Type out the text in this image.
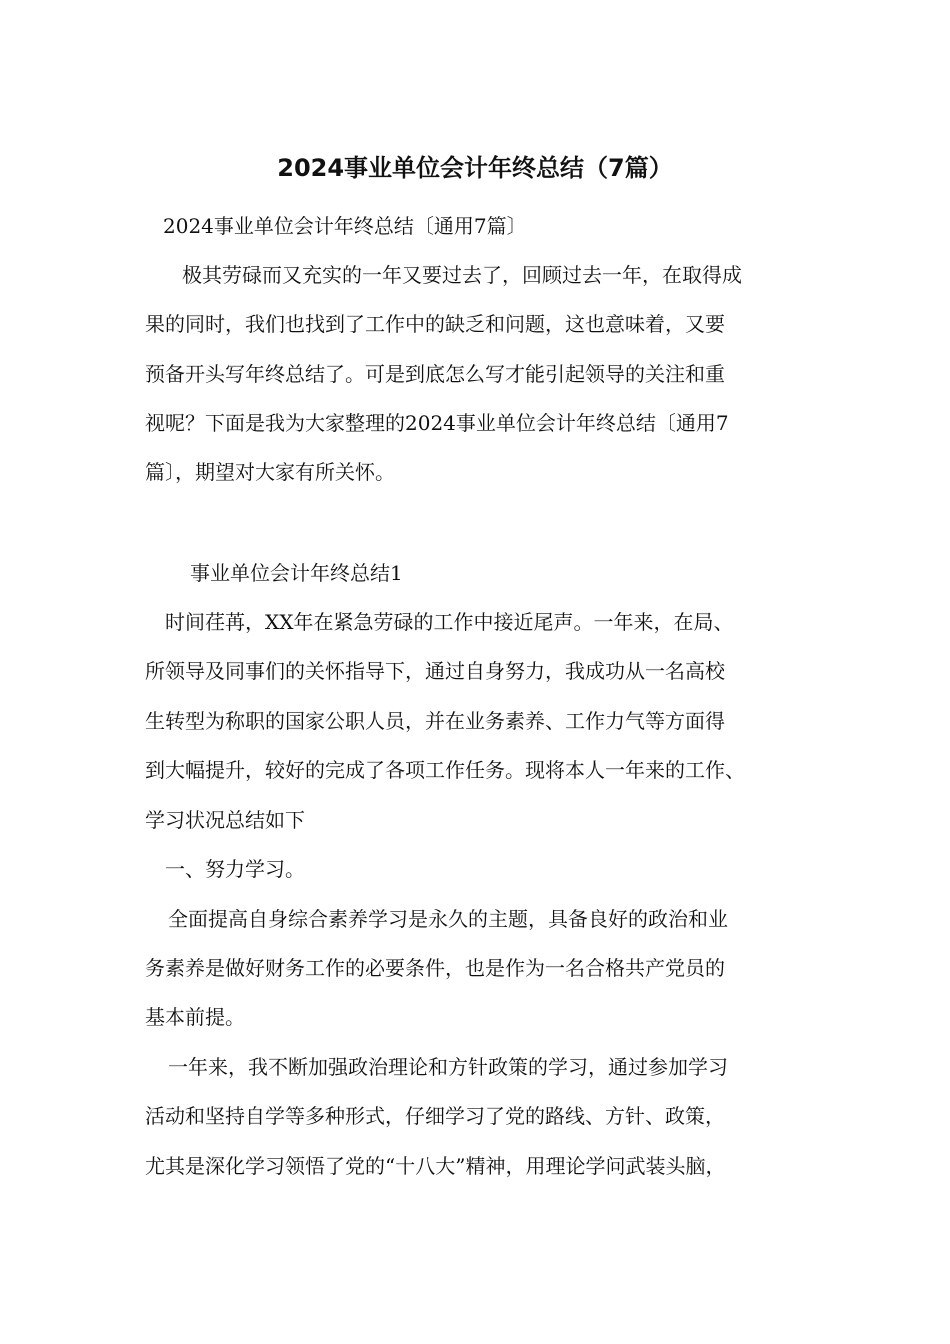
2024事业单位会计年终总结（7篇）
2024事业单位会计年终总结〔通用7篇〕
极其劳碌而又充实的一年又要过去了，回顾过去一年，在取得成
果的同时，我们也找到了工作中的缺乏和问题，这也意味着，又要
预备开头写年终总结了。可是到底怎么写才能引起领导的关注和重
视呢？下面是我为大家整理的2024事业单位会计年终总结〔通用7
篇〕，期望对大家有所关怀。
事业单位会计年终总结1
时间荏苒，XX年在紧急劳碌的工作中接近尾声。一年来，在局、
所领导及同事们的关怀指导下，通过自身努力，我成功从一名高校
生转型为称职的国家公职人员，并在业务素养、工作力气等方面得
到大幅提升，较好的完成了各项工作任务。现将本人一年来的工作、
学习状况总结如下
一、努力学习。
全面提高自身综合素养学习是永久的主题，具备良好的政治和业
务素养是做好财务工作的必要条件，也是作为一名合格共产党员的
基本前提。
一年来，我不断加强政治理论和方针政策的学习，通过参加学习
活动和坚持自学等多种形式，仔细学习了党的路线、方针、政策，
尤其是深化学习领悟了党的“十八大”精神，用理论学问武装头脑，
